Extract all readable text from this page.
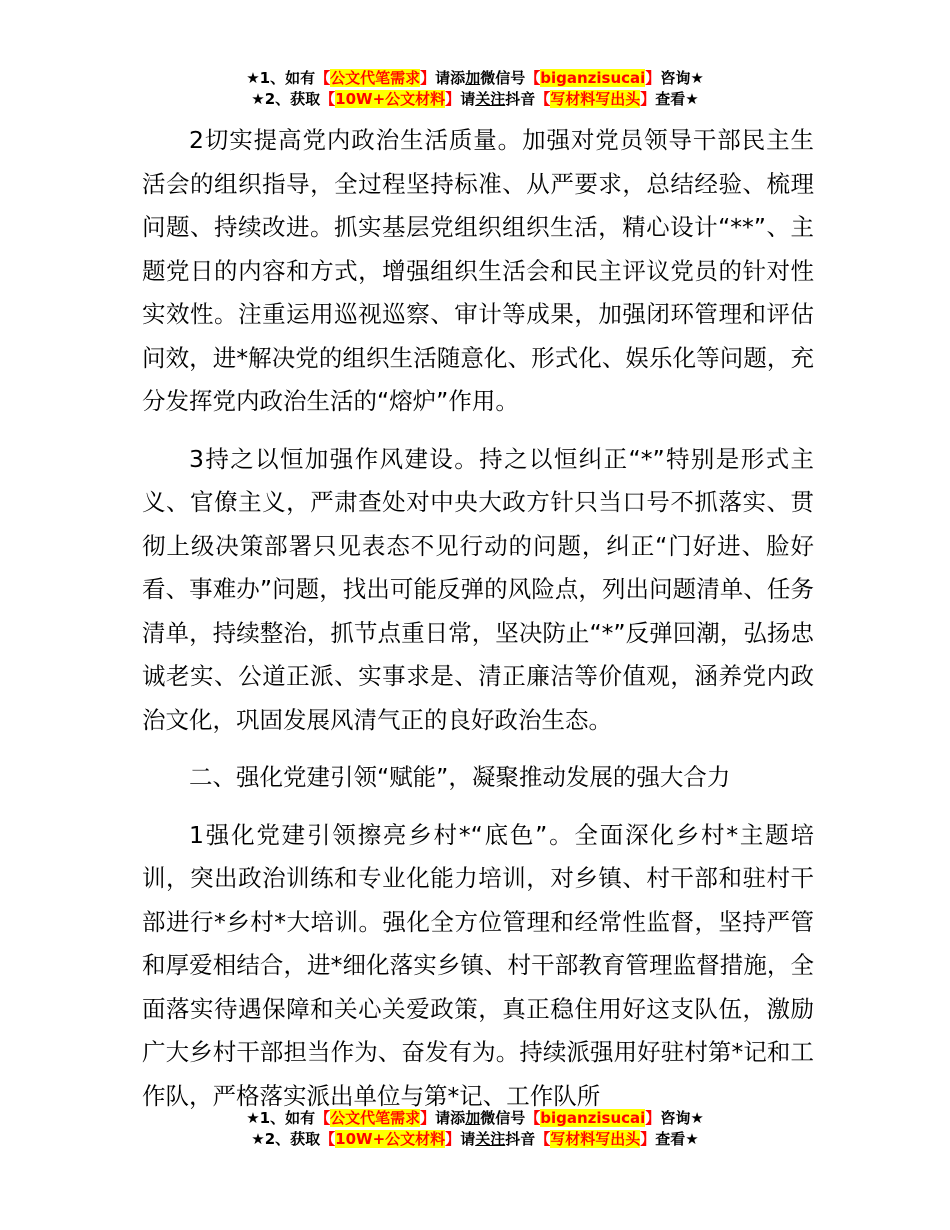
★1、如有【公文代笔需求】请添加微信号【biganzisucai】咨询★
★2、获取【10W+公文材料】请关注抖音【写材料写出头】查看★

2切实提高党内政治生活质量。加强对党员领导干部民主生活会的组织指导，全过程坚持标准、从严要求，总结经验、梳理问题、持续改进。抓实基层党组织组织生活，精心设计“**”、主题党日的内容和方式，增强组织生活会和民主评议党员的针对性实效性。注重运用巡视巡察、审计等成果，加强闭环管理和评估问效，进*解决党的组织生活随意化、形式化、娱乐化等问题，充分发挥党内政治生活的“熔炉”作用。

3持之以恒加强作风建设。持之以恒纠正“*”特别是形式主义、官僚主义，严肃查处对中央大政方针只当口号不抓落实、贯彻上级决策部署只见表态不见行动的问题，纠正“门好进、脸好看、事难办”问题，找出可能反弹的风险点，列出问题清单、任务清单，持续整治，抓节点重日常，坚决防止“*”反弹回潮，弘扬忠诚老实、公道正派、实事求是、清正廉洁等价值观，涵养党内政治文化，巩固发展风清气正的良好政治生态。

二、强化党建引领“赋能”，凝聚推动发展的强大合力

1强化党建引领擦亮乡村*“底色”。全面深化乡村*主题培训，突出政治训练和专业化能力培训，对乡镇、村干部和驻村干部进行*乡村*大培训。强化全方位管理和经常性监督，坚持严管和厚爱相结合，进*细化落实乡镇、村干部教育管理监督措施，全面落实待遇保障和关心关爱政策，真正稳住用好这支队伍，激励广大乡村干部担当作为、奋发有为。持续派强用好驻村第*记和工作队，严格落实派出单位与第*记、工作队所

★1、如有【公文代笔需求】请添加微信号【biganzisucai】咨询★
★2、获取【10W+公文材料】请关注抖音【写材料写出头】查看★
